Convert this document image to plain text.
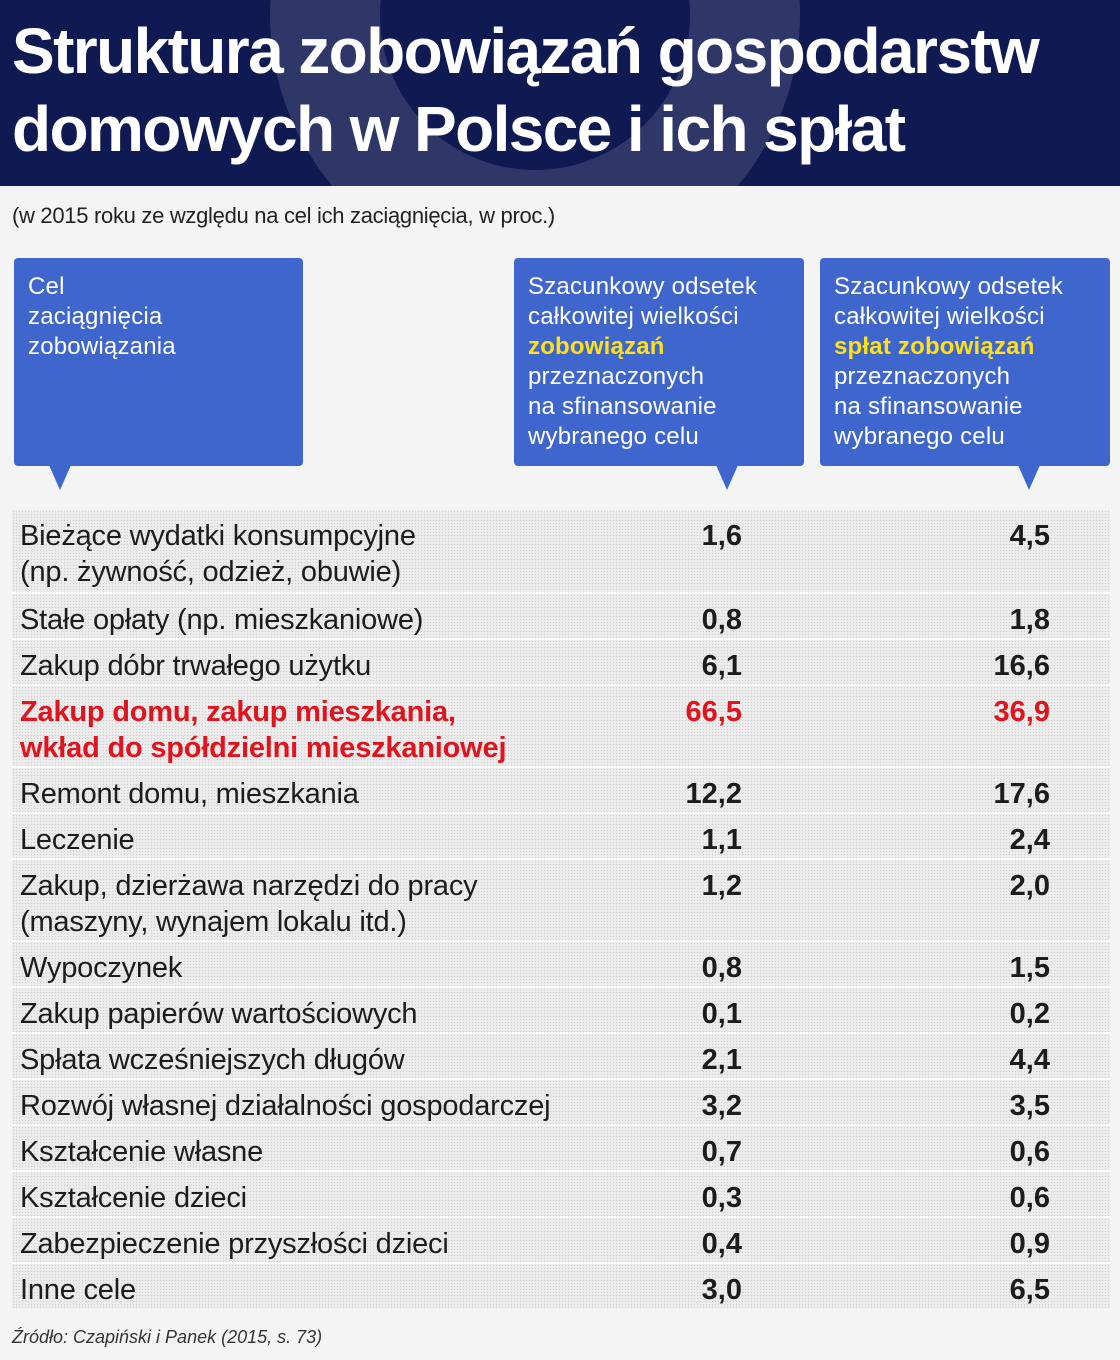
Struktura zobowiązań gospodarstw domowych w Polsce i ich spłat

(w 2015 roku ze względu na cel ich zaciągnięcia, w proc.)

Cel
zaciągnięcia
zobowiązania
Szacunkowy odsetek
całkowitej wielkości
zobowiązań
przeznaczonych
na sfinansowanie
wybranego celu
Szacunkowy odsetek
całkowitej wielkości
spłat zobowiązań
przeznaczonych
na sfinansowanie
wybranego celu
Bieżące wydatki konsumpcyjne
(np. żywność, odzież, obuwie)
1,6	4,5
Stałe opłaty (np. mieszkaniowe)	0,8	1,8
Zakup dóbr trwałego użytku	6,1	16,6
Zakup domu, zakup mieszkania,
wkład do spółdzielni mieszkaniowej
66,5	36,9
Remont domu, mieszkania	12,2	17,6
Leczenie	1,1	2,4
Zakup, dzierżawa narzędzi do pracy
(maszyny, wynajem lokalu itd.)
1,2	2,0
Wypoczynek	0,8	1,5
Zakup papierów wartościowych	0,1	0,2
Spłata wcześniejszych długów	2,1	4,4
Rozwój własnej działalności gospodarczej	3,2	3,5
Kształcenie własne	0,7	0,6
Kształcenie dzieci	0,3	0,6
Zabezpieczenie przyszłości dzieci	0,4	0,9
Inne cele	3,0	6,5

Źródło: Czapiński i Panek (2015, s. 73)
